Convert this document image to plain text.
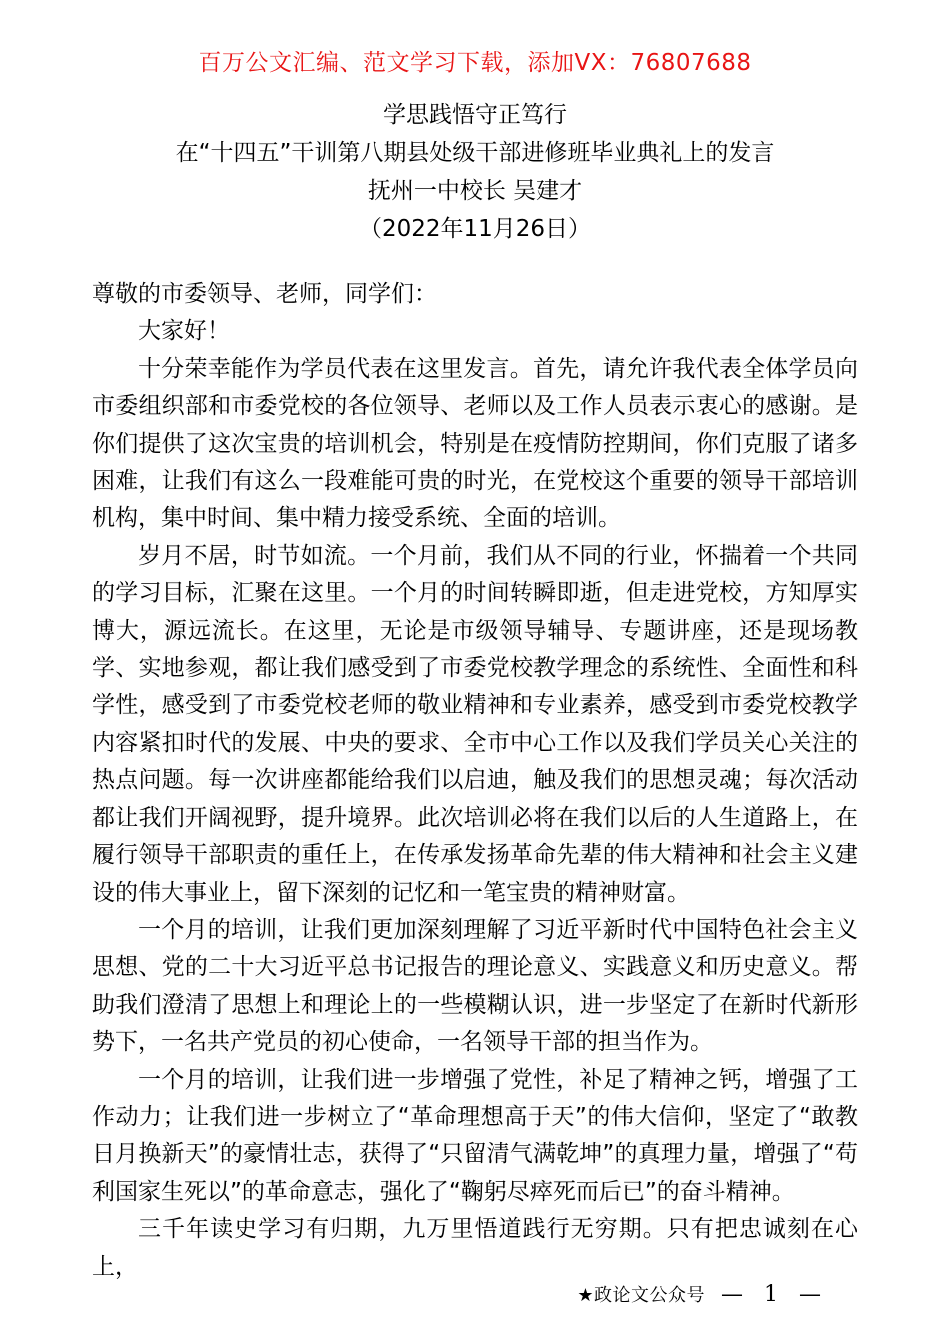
百万公文汇编、范文学习下载，添加VX：76807688
学思践悟守正笃行
在“十四五”干训第八期县处级干部进修班毕业典礼上的发言
抚州一中校长 吴建才
（2022年11月26日）

尊敬的市委领导、老师，同学们：

大家好！

十分荣幸能作为学员代表在这里发言。首先，请允许我代表全体学员向市委组织部和市委党校的各位领导、老师以及工作人员表示衷心的感谢。是你们提供了这次宝贵的培训机会，特别是在疫情防控期间，你们克服了诸多困难，让我们有这么一段难能可贵的时光，在党校这个重要的领导干部培训机构，集中时间、集中精力接受系统、全面的培训。

岁月不居，时节如流。一个月前，我们从不同的行业，怀揣着一个共同的学习目标，汇聚在这里。一个月的时间转瞬即逝，但走进党校，方知厚实博大，源远流长。在这里，无论是市级领导辅导、专题讲座，还是现场教学、实地参观，都让我们感受到了市委党校教学理念的系统性、全面性和科学性，感受到了市委党校老师的敬业精神和专业素养，感受到市委党校教学内容紧扣时代的发展、中央的要求、全市中心工作以及我们学员关心关注的热点问题。每一次讲座都能给我们以启迪，触及我们的思想灵魂；每次活动都让我们开阔视野，提升境界。此次培训必将在我们以后的人生道路上，在履行领导干部职责的重任上，在传承发扬革命先辈的伟大精神和社会主义建设的伟大事业上，留下深刻的记忆和一笔宝贵的精神财富。

一个月的培训，让我们更加深刻理解了习近平新时代中国特色社会主义思想、党的二十大习近平总书记报告的理论意义、实践意义和历史意义。帮助我们澄清了思想上和理论上的一些模糊认识，进一步坚定了在新时代新形势下，一名共产党员的初心使命，一名领导干部的担当作为。

一个月的培训，让我们进一步增强了党性，补足了精神之钙，增强了工作动力；让我们进一步树立了“革命理想高于天”的伟大信仰，坚定了“敢教日月换新天”的豪情壮志，获得了“只留清气满乾坤”的真理力量，增强了“苟利国家生死以”的革命意志，强化了“鞠躬尽瘁死而后已”的奋斗精神。

三千年读史学习有归期，九万里悟道践行无穷期。只有把忠诚刻在心上，

★政论文公众号 — 1 —
